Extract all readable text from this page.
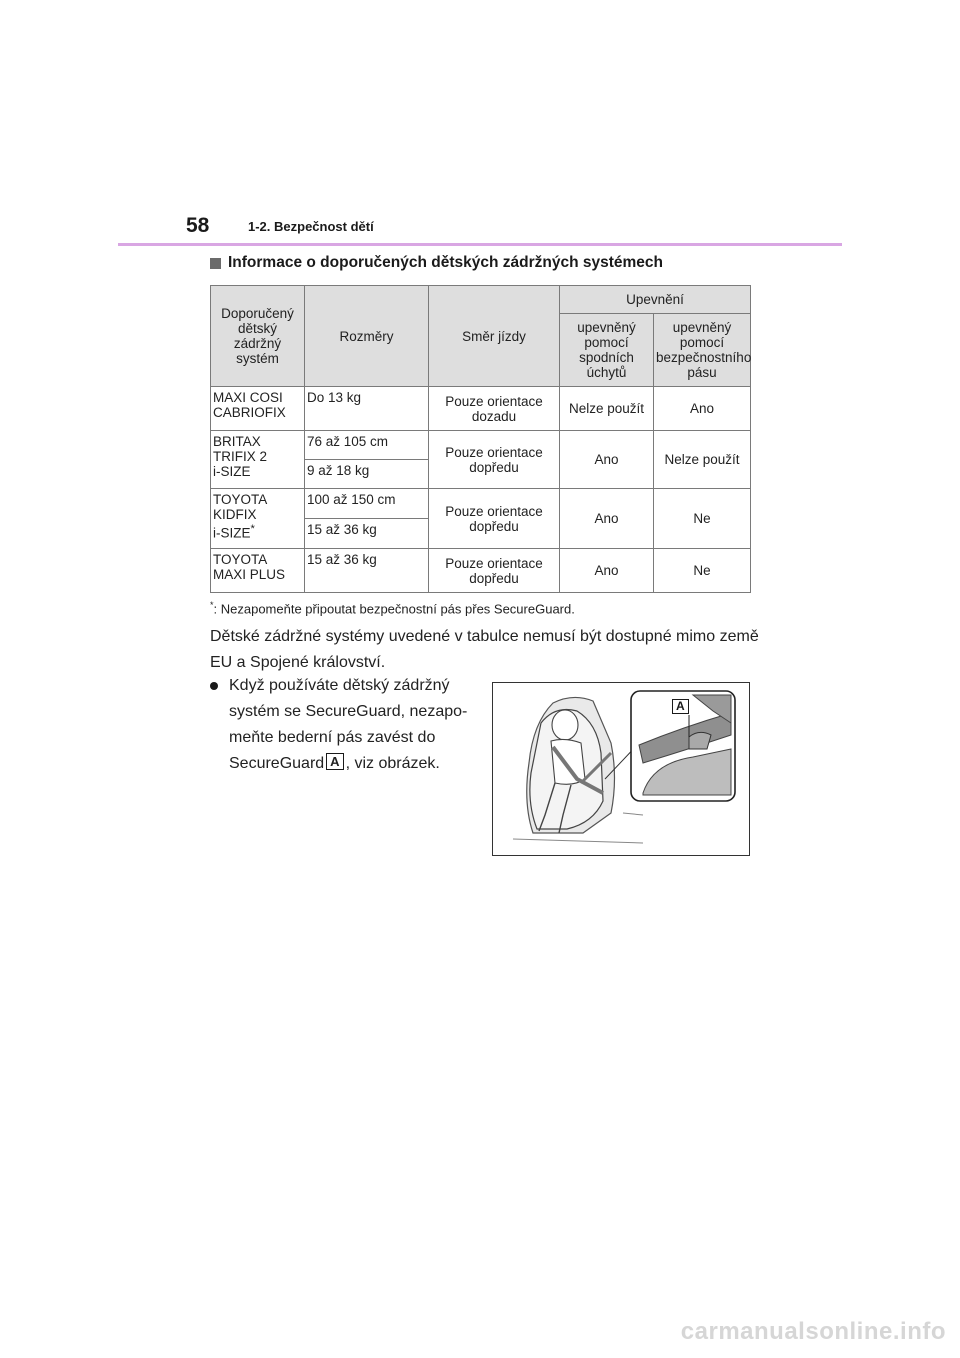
58	1-2. Bezpečnost dětí
Informace o doporučených dětských zádržných systémech
Doporučený dětský zádržný systém	Rozměry	Směr jízdy	Upevnění	
			upevněný pomocí spodních úchytů	upevněný pomocí bezpečnostního pásu
MAXI COSI
CABRIOFIX	Do 13 kg	Pouze orientace dozadu	Nelze použít	Ano
BRITAX
TRIFIX 2
i-SIZE	76 až 105 cm	Pouze orientace dopředu	Ano	Nelze použít
	9 až 18 kg			
TOYOTA
KIDFIX
i-SIZE*	100 až 150 cm	Pouze orientace dopředu	Ano	Ne
	15 až 36 kg			
TOYOTA
MAXI PLUS	15 až 36 kg	Pouze orientace dopředu	Ano	Ne
*: Nezapomeňte připoutat bezpečnostní pás přes SecureGuard.
Dětské zádržné systémy uvedené v tabulce nemusí být dostupné mimo země EU a Spojené království.
Když používáte dětský zádržný
systém se SecureGuard, nezapo-
meňte bederní pás zavést do
SecureGuard A , viz obrázek.
A
carmanualsonline.info
